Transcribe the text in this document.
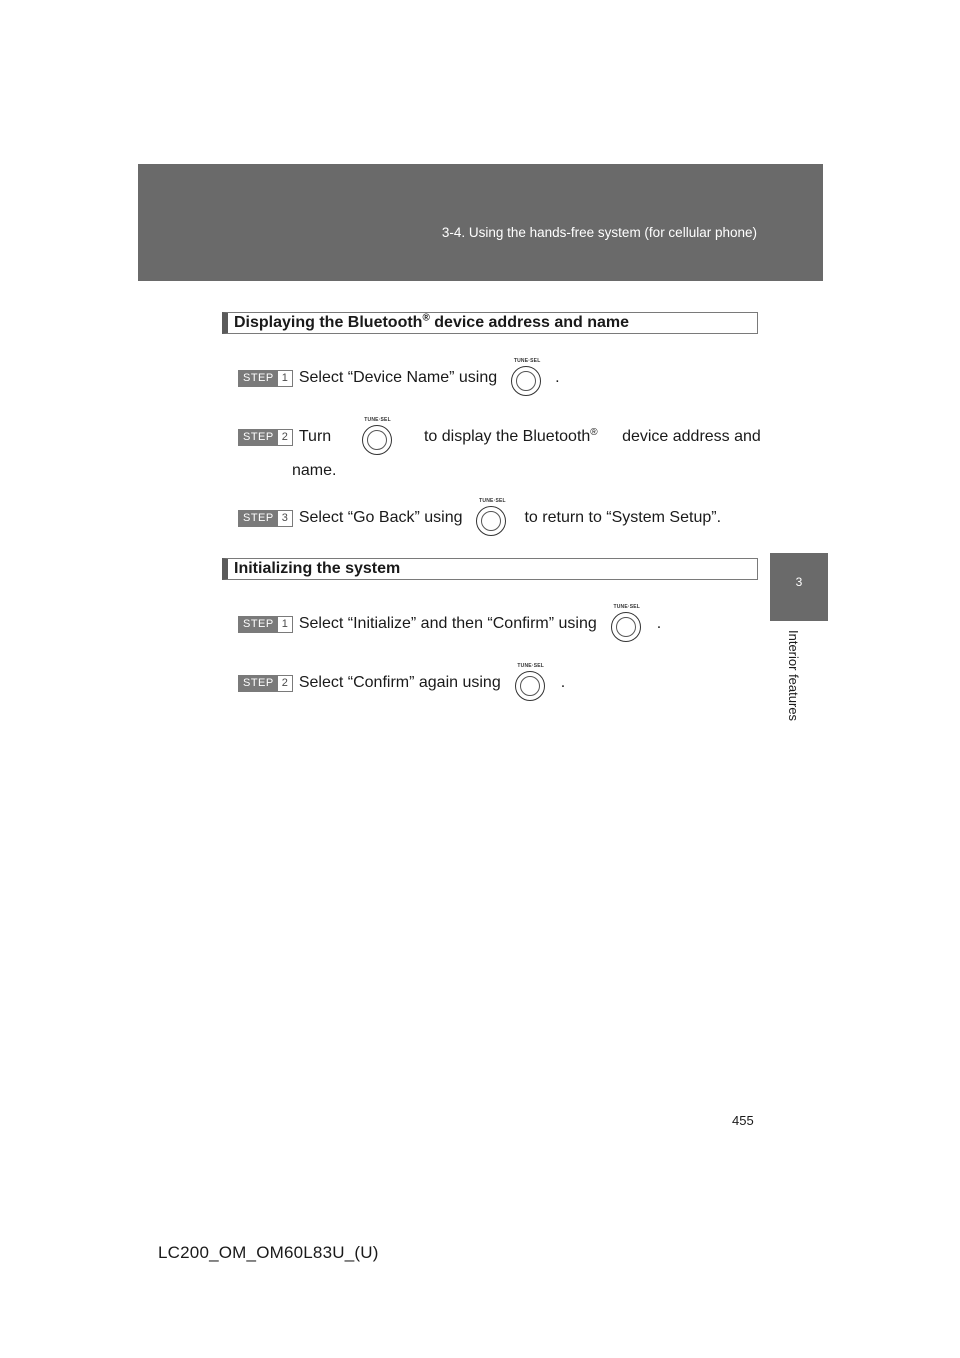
3-4. Using the hands-free system (for cellular phone)
3
Interior features
Displaying the Bluetooth® device address and name
STEP 1 Select “Device Name” using
TUNE·SEL
.
STEP 2 Turn
TUNE·SEL
to display the Bluetooth® device address and
name.
STEP 3 Select “Go Back” using
TUNE·SEL
to return to “System Setup”.
Initializing the system
STEP 1 Select “Initialize” and then “Confirm” using
TUNE·SEL
.
STEP 2 Select “Confirm” again using
TUNE·SEL
.
455
LC200_OM_OM60L83U_(U)
